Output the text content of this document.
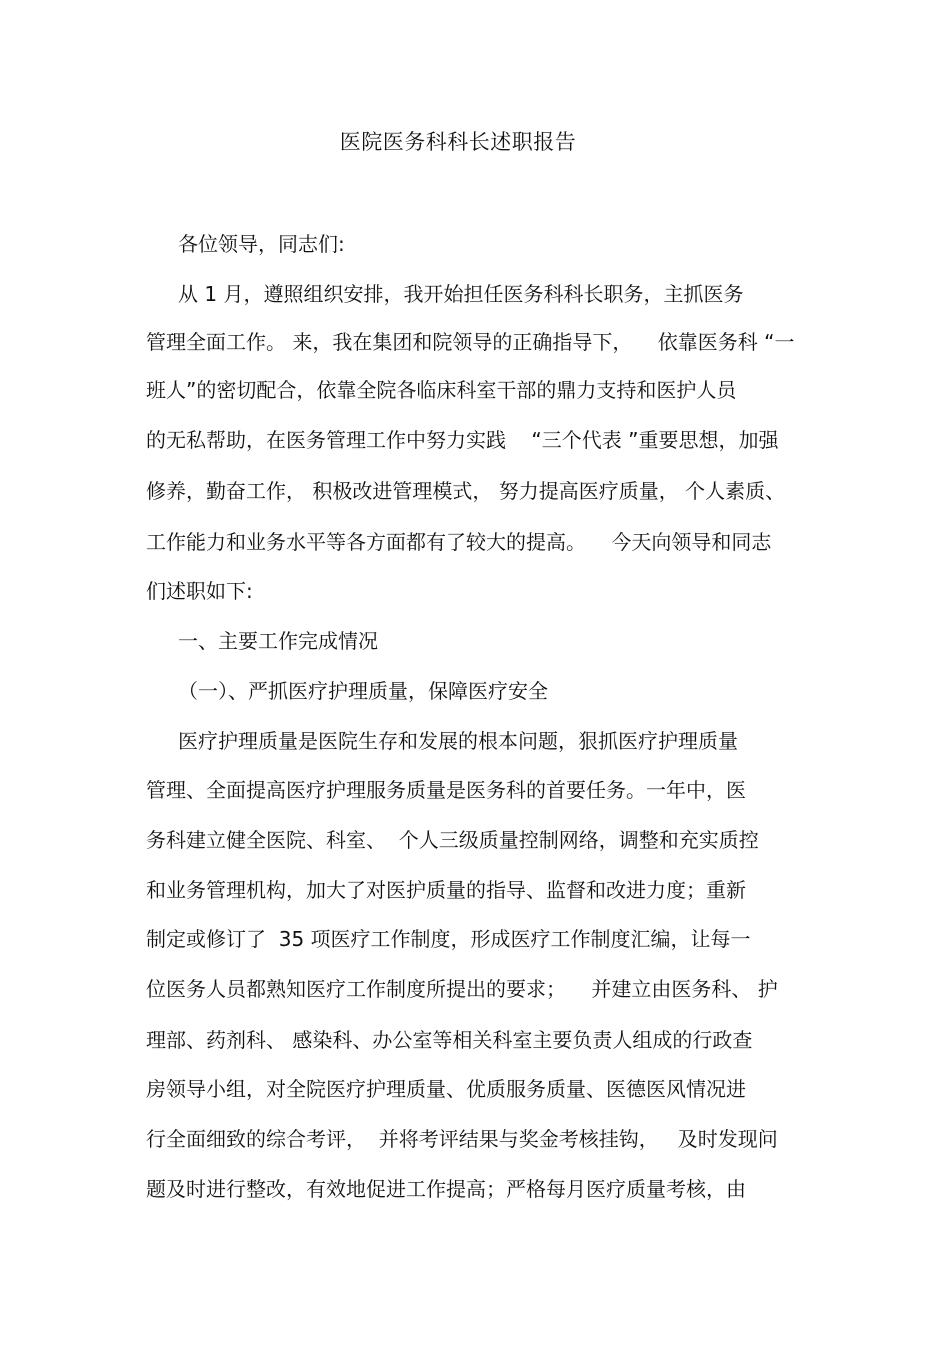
医院医务科科长述职报告
各位领导，同志们:
从 1 月，遵照组织安排，我开始担任医务科科长职务，主抓医务
管理全面工作。 来，我在集团和院领导的正确指导下，    依靠医务科 “一
班人”的密切配合，依靠全院各临床科室干部的鼎力支持和医护人员
的无私帮助，在医务管理工作中努力实践    “三个代表 ”重要思想，加强
修养，勤奋工作， 积极改进管理模式， 努力提高医疗质量， 个人素质、
工作能力和业务水平等各方面都有了较大的提高。    今天向领导和同志
们述职如下:
一、主要工作完成情况
（一）、严抓医疗护理质量，保障医疗安全
医疗护理质量是医院生存和发展的根本问题，狠抓医疗护理质量
管理、全面提高医疗护理服务质量是医务科的首要任务。一年中，医
务科建立健全医院、科室、  个人三级质量控制网络，调整和充实质控
和业务管理机构，加大了对医护质量的指导、监督和改进力度；重新
制定或修订了  35 项医疗工作制度，形成医疗工作制度汇编，让每一
位医务人员都熟知医疗工作制度所提出的要求；    并建立由医务科、 护
理部、药剂科、 感染科、办公室等相关科室主要负责人组成的行政查
房领导小组，对全院医疗护理质量、优质服务质量、医德医风情况进
行全面细致的综合考评，  并将考评结果与奖金考核挂钩，   及时发现问
题及时进行整改，有效地促进工作提高；严格每月医疗质量考核，由
